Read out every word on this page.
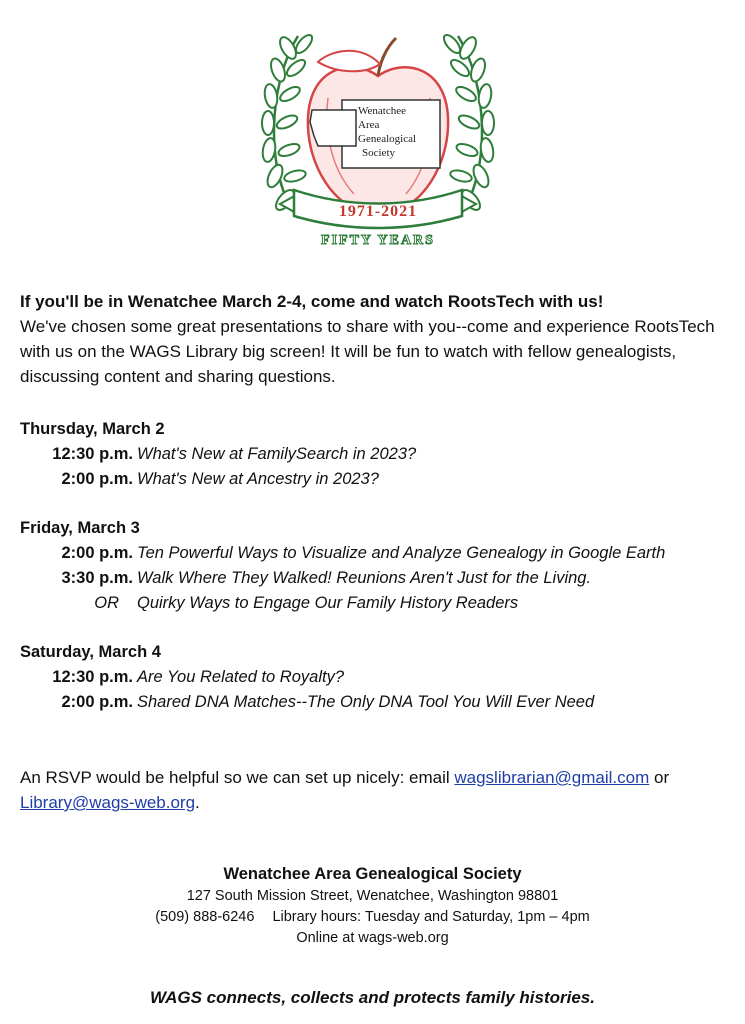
Wenatchee
Area
Genealogical
Society
1971-2021
FIFTY YEARS

If you'll be in Wenatchee March 2-4, come and watch RootsTech with us!

We've chosen some great presentations to share with you--come and experience RootsTech with us on the WAGS Library big screen! It will be fun to watch with fellow genealogists, discussing content and sharing questions.

Thursday, March 2

12:30 p.m. What's New at FamilySearch in 2023?

2:00 p.m. What's New at Ancestry in 2023?

Friday, March 3

2:00 p.m. Ten Powerful Ways to Visualize and Analyze Genealogy in Google Earth

3:30 p.m. Walk Where They Walked! Reunions Aren't Just for the Living.

OR	Quirky Ways to Engage Our Family History Readers

Saturday, March 4

12:30 p.m. Are You Related to Royalty?

2:00 p.m. Shared DNA Matches--The Only DNA Tool You Will Ever Need

An RSVP would be helpful so we can set up nicely: email wagslibrarian@gmail.com or Library@wags-web.org.

Wenatchee Area Genealogical Society

127 South Mission Street, Wenatchee, Washington 98801

(509) 888-6246 Library hours: Tuesday and Saturday, 1pm – 4pm

Online at wags-web.org

WAGS connects, collects and protects family histories.
